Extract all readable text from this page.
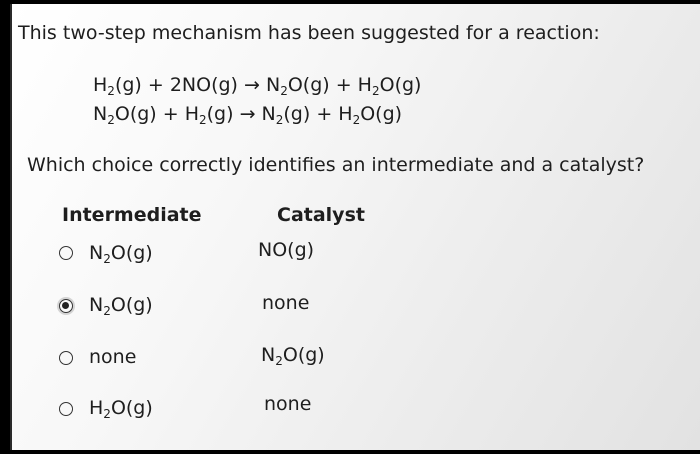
This two-step mechanism has been suggested for a reaction:
$H_2(g) + 2NO(g) \to N_2O(g) + H_2O(g)$
$N_2O(g) + H_2(g) \to N_2(g) + H_2O(g)$
Which choice correctly identifies an intermediate and a catalyst?
Intermediate	Catalyst
$N_2O(g)$	NO(g)
$N_2O(g)$	none
none	$N_2O(g)$
$H_2O(g)$	none
